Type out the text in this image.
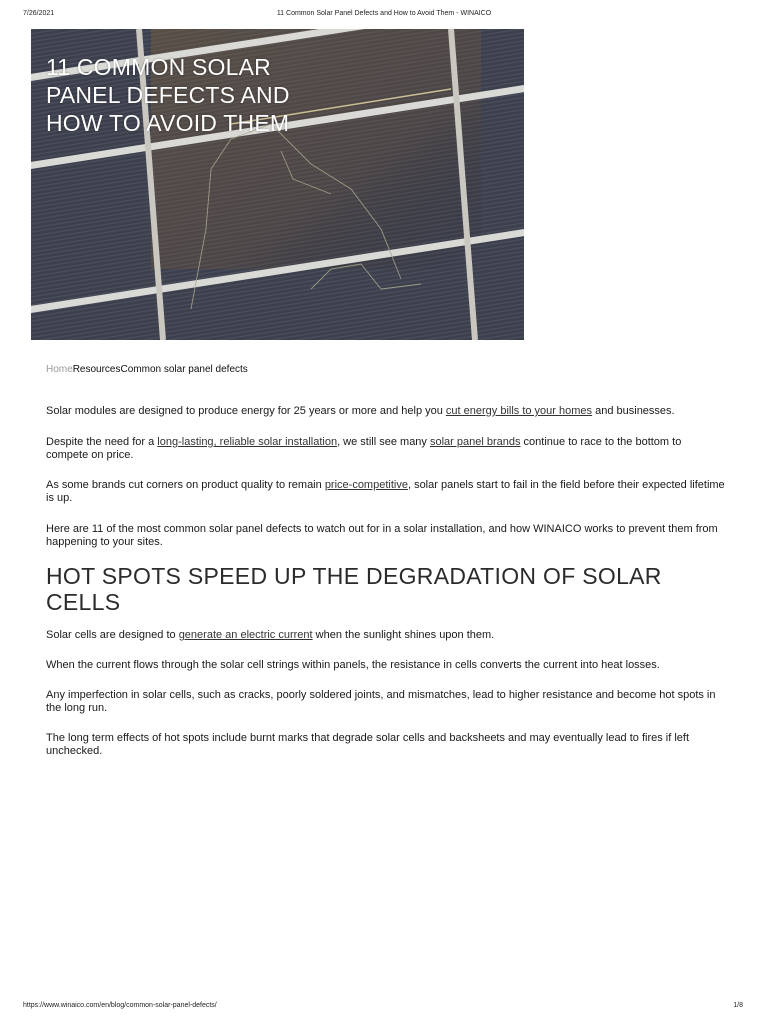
7/26/2021	11 Common Solar Panel Defects and How to Avoid Them - WINAICO
11 COMMON SOLAR PANEL DEFECTS AND HOW TO AVOID THEM
HomeResourcesCommon solar panel defects

Solar modules are designed to produce energy for 25 years or more and help you cut energy bills to your homes and businesses.

Despite the need for a long-lasting, reliable solar installation, we still see many solar panel brands continue to race to the bottom to compete on price.

As some brands cut corners on product quality to remain price-competitive, solar panels start to fail in the field before their expected lifetime is up.

Here are 11 of the most common solar panel defects to watch out for in a solar installation, and how WINAICO works to prevent them from happening to your sites.

HOT SPOTS SPEED UP THE DEGRADATION OF SOLAR CELLS

Solar cells are designed to generate an electric current when the sunlight shines upon them.

When the current flows through the solar cell strings within panels, the resistance in cells converts the current into heat losses.

Any imperfection in solar cells, such as cracks, poorly soldered joints, and mismatches, lead to higher resistance and become hot spots in the long run.

The long term effects of hot spots include burnt marks that degrade solar cells and backsheets and may eventually lead to fires if left unchecked.

https://www.winaico.com/en/blog/common-solar-panel-defects/	1/8
